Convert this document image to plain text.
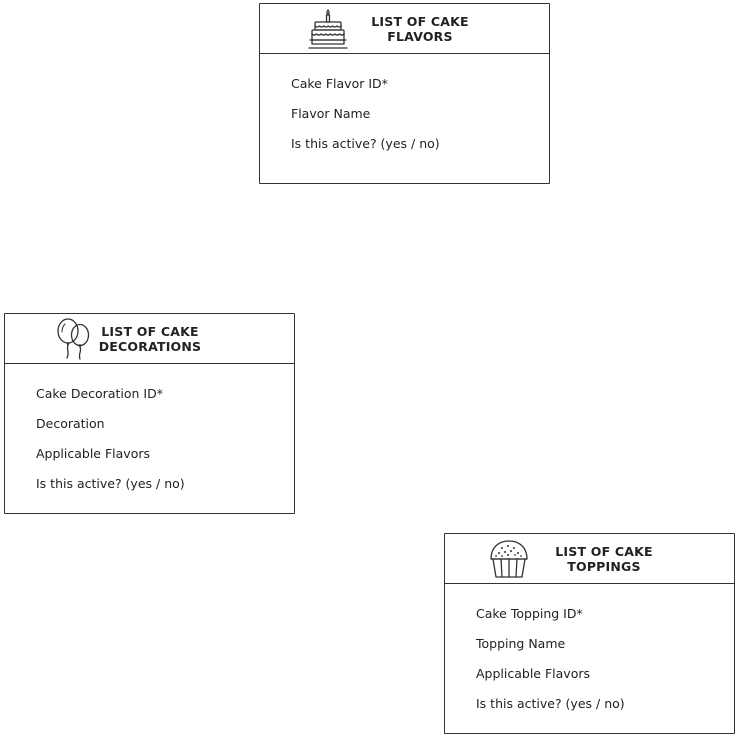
LIST OF CAKE
FLAVORS
Cake Flavor ID*
Flavor Name
Is this active? (yes / no)
LIST OF CAKE
DECORATIONS
Cake Decoration ID*
Decoration
Applicable Flavors
Is this active? (yes / no)
LIST OF CAKE
TOPPINGS
Cake Topping ID*
Topping Name
Applicable Flavors
Is this active? (yes / no)
